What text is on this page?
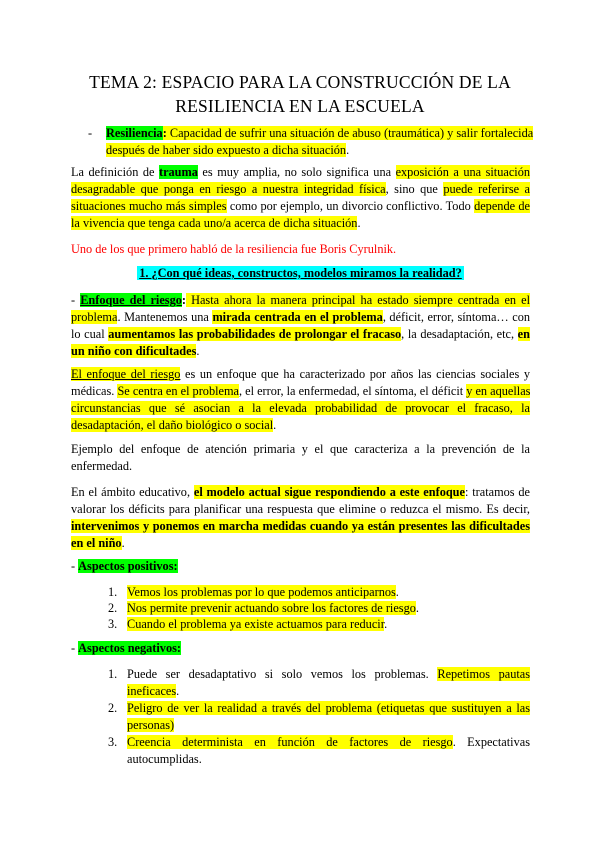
TEMA 2: ESPACIO PARA LA CONSTRUCCIÓN DE LA
RESILIENCIA EN LA ESCUELA
- Resiliencia: Capacidad de sufrir una situación de abuso (traumática) y salir fortalecida
después de haber sido expuesto a dicha situación.
La definición de trauma es muy amplia, no solo significa una exposición a una situación
desagradable que ponga en riesgo a nuestra integridad física, sino que puede referirse a
situaciones mucho más simples como por ejemplo, un divorcio conflictivo. Todo depende de
la vivencia que tenga cada uno/a acerca de dicha situación.
Uno de los que primero habló de la resiliencia fue Boris Cyrulnik.
1. ¿Con qué ideas, constructos, modelos miramos la realidad?
- Enfoque del riesgo: Hasta ahora la manera principal ha estado siempre centrada en el
problema. Mantenemos una mirada centrada en el problema, déficit, error, síntoma… con
lo cual aumentamos las probabilidades de prolongar el fracaso, la desadaptación, etc, en
un niño con dificultades.
El enfoque del riesgo es un enfoque que ha caracterizado por años las ciencias sociales y
médicas. Se centra en el problema, el error, la enfermedad, el síntoma, el déficit y en aquellas
circunstancias que sé asocian a la elevada probabilidad de provocar el fracaso, la
desadaptación, el daño biológico o social.
Ejemplo del enfoque de atención primaria y el que caracteriza a la prevención de la
enfermedad.
En el ámbito educativo, el modelo actual sigue respondiendo a este enfoque: tratamos de
valorar los déficits para planificar una respuesta que elimine o reduzca el mismo. Es decir,
intervenimos y ponemos en marcha medidas cuando ya están presentes las dificultades
en el niño.
- Aspectos positivos:
1. Vemos los problemas por lo que podemos anticiparnos.
2. Nos permite prevenir actuando sobre los factores de riesgo.
3. Cuando el problema ya existe actuamos para reducir.
- Aspectos negativos:
1. Puede ser desadaptativo si solo vemos los problemas. Repetimos pautas
ineficaces.
2. Peligro de ver la realidad a través del problema (etiquetas que sustituyen a las
personas)
3. Creencia determinista en función de factores de riesgo. Expectativas
autocumplidas.
